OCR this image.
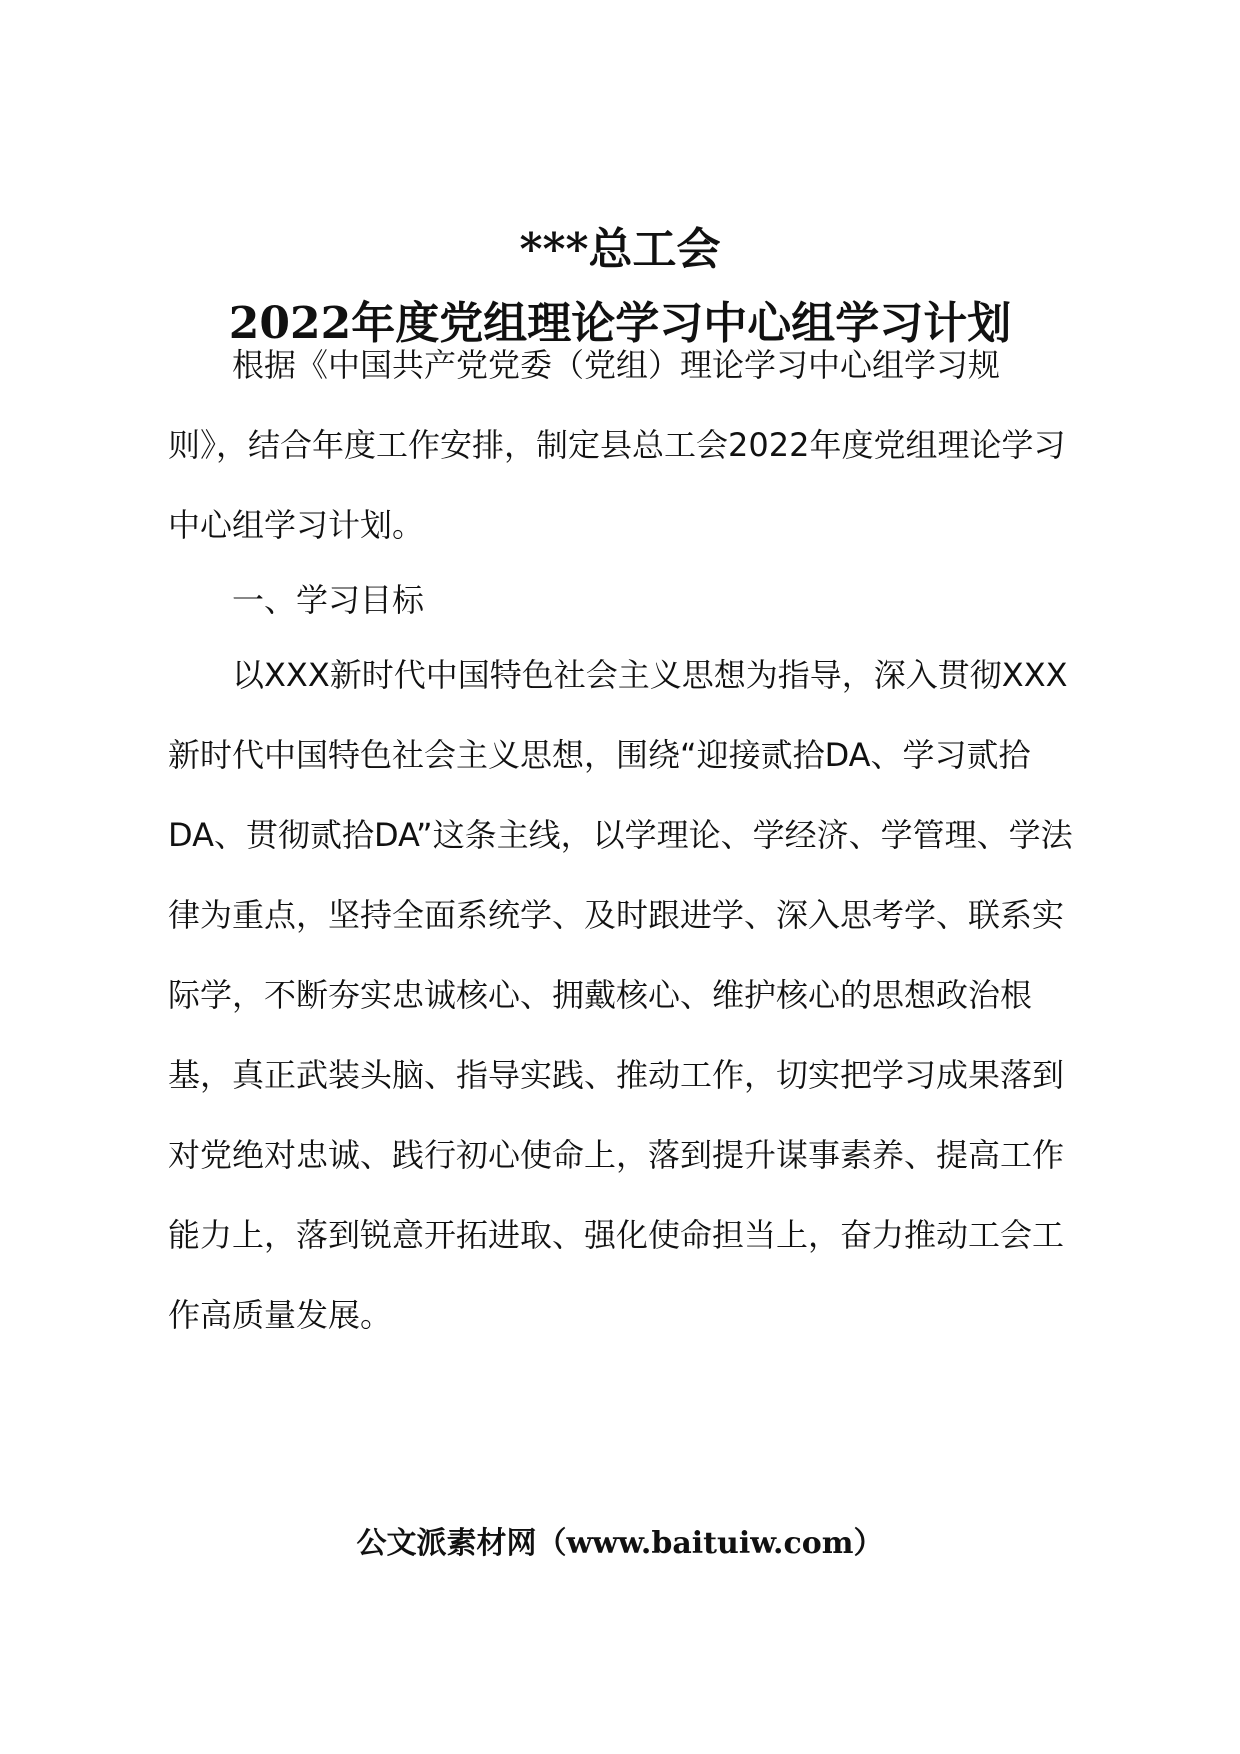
***总工会
2022年度党组理论学习中心组学习计划
根据《中国共产党党委（党组）理论学习中心组学习规
则》，结合年度工作安排，制定县总工会2022年度党组理论学习
中心组学习计划。
一、学习目标
以XXX新时代中国特色社会主义思想为指导，深入贯彻XXX
新时代中国特色社会主义思想，围绕“迎接贰拾DA、学习贰拾
DA、贯彻贰拾DA”这条主线，以学理论、学经济、学管理、学法
律为重点，坚持全面系统学、及时跟进学、深入思考学、联系实
际学，不断夯实忠诚核心、拥戴核心、维护核心的思想政治根
基，真正武装头脑、指导实践、推动工作，切实把学习成果落到
对党绝对忠诚、践行初心使命上，落到提升谋事素养、提高工作
能力上，落到锐意开拓进取、强化使命担当上，奋力推动工会工
作高质量发展。
公文派素材网（www.baituiw.com）
